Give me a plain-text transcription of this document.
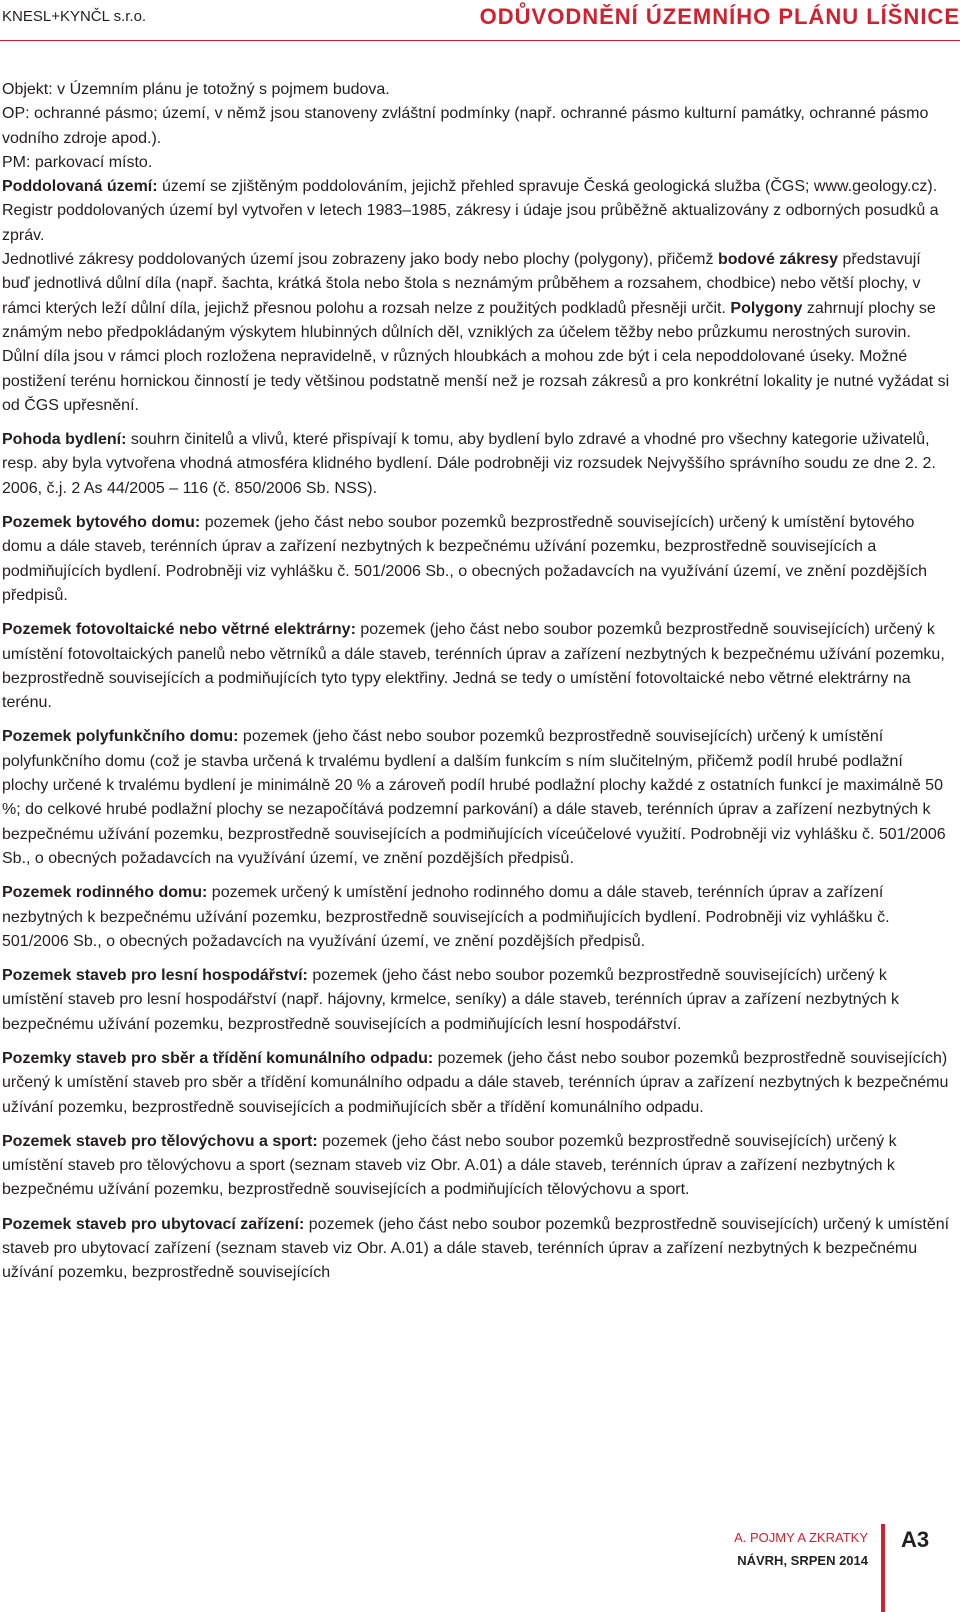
KNESL+KYNČL s.r.o.	ODŮVODNĚNÍ ÚZEMNÍHO PLÁNU LÍŠNICE

Objekt: v Územním plánu je totožný s pojmem budova.

OP: ochranné pásmo; území, v němž jsou stanoveny zvláštní podmínky (např. ochranné pásmo kulturní památky, ochranné pásmo vodního zdroje apod.).

PM: parkovací místo.

Poddolovaná území: území se zjištěným poddolováním, jejichž přehled spravuje Česká geologická služba (ČGS; www.geology.cz). Registr poddolovaných území byl vytvořen v letech 1983–1985, zákresy i údaje jsou průběžně aktualizovány z odborných posudků a zpráv.

Jednotlivé zákresy poddolovaných území jsou zobrazeny jako body nebo plochy (polygony), přičemž bodové zákresy představují buď jednotlivá důlní díla (např. šachta, krátká štola nebo štola s neznámým průběhem a rozsahem, chodbice) nebo větší plochy, v rámci kterých leží důlní díla, jejichž přesnou polohu a rozsah nelze z použitých podkladů přesněji určit. Polygony zahrnují plochy se známým nebo předpokládaným výskytem hlubinných důlních děl, vzniklých za účelem těžby nebo průzkumu nerostných surovin. Důlní díla jsou v rámci ploch rozložena nepravidelně, v různých hloubkách a mohou zde být i cela nepoddolované úseky. Možné postižení terénu hornickou činností je tedy většinou podstatně menší než je rozsah zákresů a pro konkrétní lokality je nutné vyžádat si od ČGS upřesnění.

Pohoda bydlení: souhrn činitelů a vlivů, které přispívají k tomu, aby bydlení bylo zdravé a vhodné pro všechny kategorie uživatelů, resp. aby byla vytvořena vhodná atmosféra klidného bydlení. Dále podrobněji viz rozsudek Nejvyššího správního soudu ze dne 2. 2. 2006, č.j. 2 As 44/2005 – 116 (č. 850/2006 Sb. NSS).

Pozemek bytového domu: pozemek (jeho část nebo soubor pozemků bezprostředně souvisejících) určený k umístění bytového domu a dále staveb, terénních úprav a zařízení nezbytných k bezpečnému užívání pozemku, bezprostředně souvisejících a podmiňujících bydlení. Podrobněji viz vyhlášku č. 501/2006 Sb., o obecných požadavcích na využívání území, ve znění pozdějších předpisů.

Pozemek fotovoltaické nebo větrné elektrárny: pozemek (jeho část nebo soubor pozemků bezprostředně souvisejících) určený k umístění fotovoltaických panelů nebo větrníků a dále staveb, terénních úprav a zařízení nezbytných k bezpečnému užívání pozemku, bezprostředně souvisejících a podmiňujících tyto typy elektřiny. Jedná se tedy o umístění fotovoltaické nebo větrné elektrárny na terénu.

Pozemek polyfunkčního domu: pozemek (jeho část nebo soubor pozemků bezprostředně souvisejících) určený k umístění polyfunkčního domu (což je stavba určená k trvalému bydlení a dalším funkcím s ním slučitelným, přičemž podíl hrubé podlažní plochy určené k trvalému bydlení je minimálně 20 % a zároveň podíl hrubé podlažní plochy každé z ostatních funkcí je maximálně 50 %; do celkové hrubé podlažní plochy se nezapočítává podzemní parkování) a dále staveb, terénních úprav a zařízení nezbytných k bezpečnému užívání pozemku, bezprostředně souvisejících a podmiňujících víceúčelové využití. Podrobněji viz vyhlášku č. 501/2006 Sb., o obecných požadavcích na využívání území, ve znění pozdějších předpisů.

Pozemek rodinného domu: pozemek určený k umístění jednoho rodinného domu a dále staveb, terénních úprav a zařízení nezbytných k bezpečnému užívání pozemku, bezprostředně souvisejících a podmiňujících bydlení. Podrobněji viz vyhlášku č. 501/2006 Sb., o obecných požadavcích na využívání území, ve znění pozdějších předpisů.

Pozemek staveb pro lesní hospodářství: pozemek (jeho část nebo soubor pozemků bezprostředně souvisejících) určený k umístění staveb pro lesní hospodářství (např. hájovny, krmelce, seníky) a dále staveb, terénních úprav a zařízení nezbytných k bezpečnému užívání pozemku, bezprostředně souvisejících a podmiňujících lesní hospodářství.

Pozemky staveb pro sběr a třídění komunálního odpadu: pozemek (jeho část nebo soubor pozemků bezprostředně souvisejících) určený k umístění staveb pro sběr a třídění komunálního odpadu a dále staveb, terénních úprav a zařízení nezbytných k bezpečnému užívání pozemku, bezprostředně souvisejících a podmiňujících sběr a třídění komunálního odpadu.

Pozemek staveb pro tělovýchovu a sport: pozemek (jeho část nebo soubor pozemků bezprostředně souvisejících) určený k umístění staveb pro tělovýchovu a sport (seznam staveb viz Obr. A.01) a dále staveb, terénních úprav a zařízení nezbytných k bezpečnému užívání pozemku, bezprostředně souvisejících a podmiňujících tělovýchovu a sport.

Pozemek staveb pro ubytovací zařízení: pozemek (jeho část nebo soubor pozemků bezprostředně souvisejících) určený k umístění staveb pro ubytovací zařízení (seznam staveb viz Obr. A.01) a dále staveb, terénních úprav a zařízení nezbytných k bezpečnému užívání pozemku, bezprostředně souvisejících

A. POJMY A ZKRATKY
NÁVRH, SRPEN 2014
A3
